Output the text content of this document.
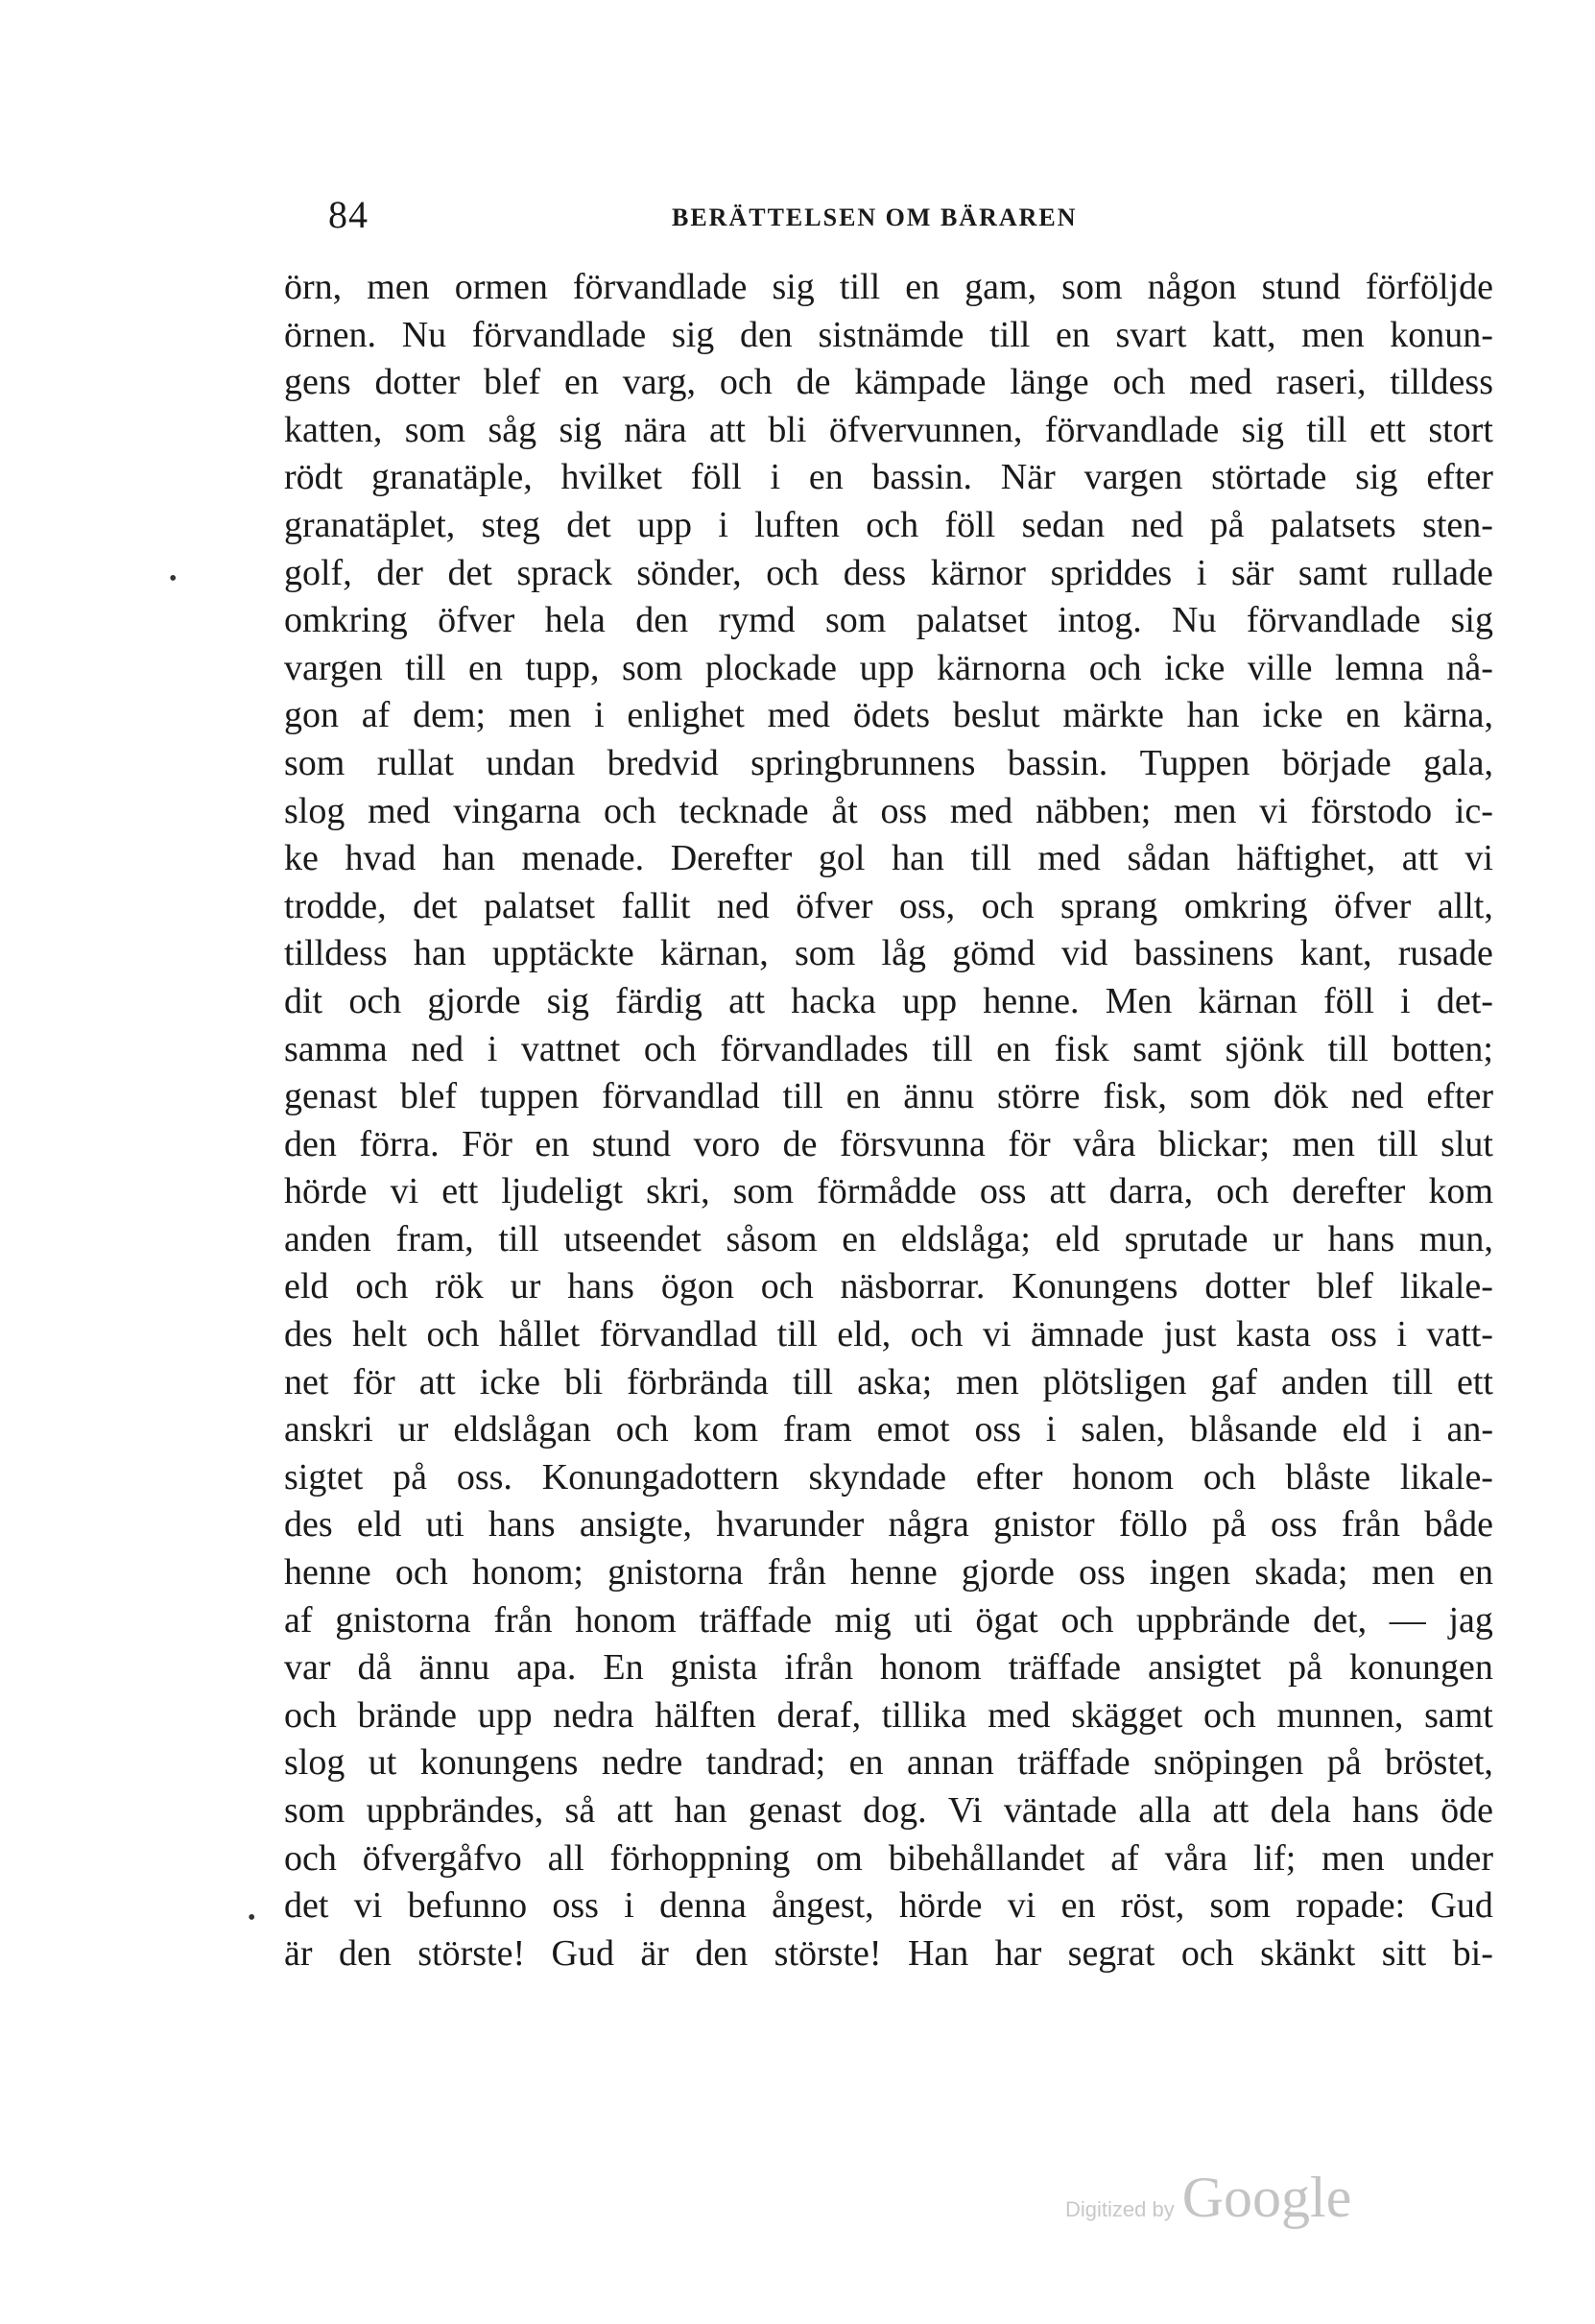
84	BERÄTTELSEN OM BÄRAREN
örn, men ormen förvandlade sig till en gam, som någon stund förföljde
örnen. Nu förvandlade sig den sistnämde till en svart katt, men konun-
gens dotter blef en varg, och de kämpade länge och med raseri, tilldess
katten, som såg sig nära att bli öfvervunnen, förvandlade sig till ett stort
rödt granatäple, hvilket föll i en bassin. När vargen störtade sig efter
granatäplet, steg det upp i luften och föll sedan ned på palatsets sten-
golf, der det sprack sönder, och dess kärnor spriddes i sär samt rullade
omkring öfver hela den rymd som palatset intog. Nu förvandlade sig
vargen till en tupp, som plockade upp kärnorna och icke ville lemna nå-
gon af dem; men i enlighet med ödets beslut märkte han icke en kärna,
som rullat undan bredvid springbrunnens bassin. Tuppen började gala,
slog med vingarna och tecknade åt oss med näbben; men vi förstodo ic-
ke hvad han menade. Derefter gol han till med sådan häftighet, att vi
trodde, det palatset fallit ned öfver oss, och sprang omkring öfver allt,
tilldess han upptäckte kärnan, som låg gömd vid bassinens kant, rusade
dit och gjorde sig färdig att hacka upp henne. Men kärnan föll i det-
samma ned i vattnet och förvandlades till en fisk samt sjönk till botten;
genast blef tuppen förvandlad till en ännu större fisk, som dök ned efter
den förra. För en stund voro de försvunna för våra blickar; men till slut
hörde vi ett ljudeligt skri, som förmådde oss att darra, och derefter kom
anden fram, till utseendet såsom en eldslåga; eld sprutade ur hans mun,
eld och rök ur hans ögon och näsborrar. Konungens dotter blef likale-
des helt och hållet förvandlad till eld, och vi ämnade just kasta oss i vatt-
net för att icke bli förbrända till aska; men plötsligen gaf anden till ett
anskri ur eldslågan och kom fram emot oss i salen, blåsande eld i an-
sigtet på oss. Konungadottern skyndade efter honom och blåste likale-
des eld uti hans ansigte, hvarunder några gnistor föllo på oss från både
henne och honom; gnistorna från henne gjorde oss ingen skada; men en
af gnistorna från honom träffade mig uti ögat och uppbrände det, — jag
var då ännu apa. En gnista ifrån honom träffade ansigtet på konungen
och brände upp nedra hälften deraf, tillika med skägget och munnen, samt
slog ut konungens nedre tandrad; en annan träffade snöpingen på bröstet,
som uppbrändes, så att han genast dog. Vi väntade alla att dela hans öde
och öfvergåfvo all förhoppning om bibehållandet af våra lif; men under
det vi befunno oss i denna ångest, hörde vi en röst, som ropade: Gud
är den störste! Gud är den störste! Han har segrat och skänkt sitt bi-
•
•
Digitized by Google
